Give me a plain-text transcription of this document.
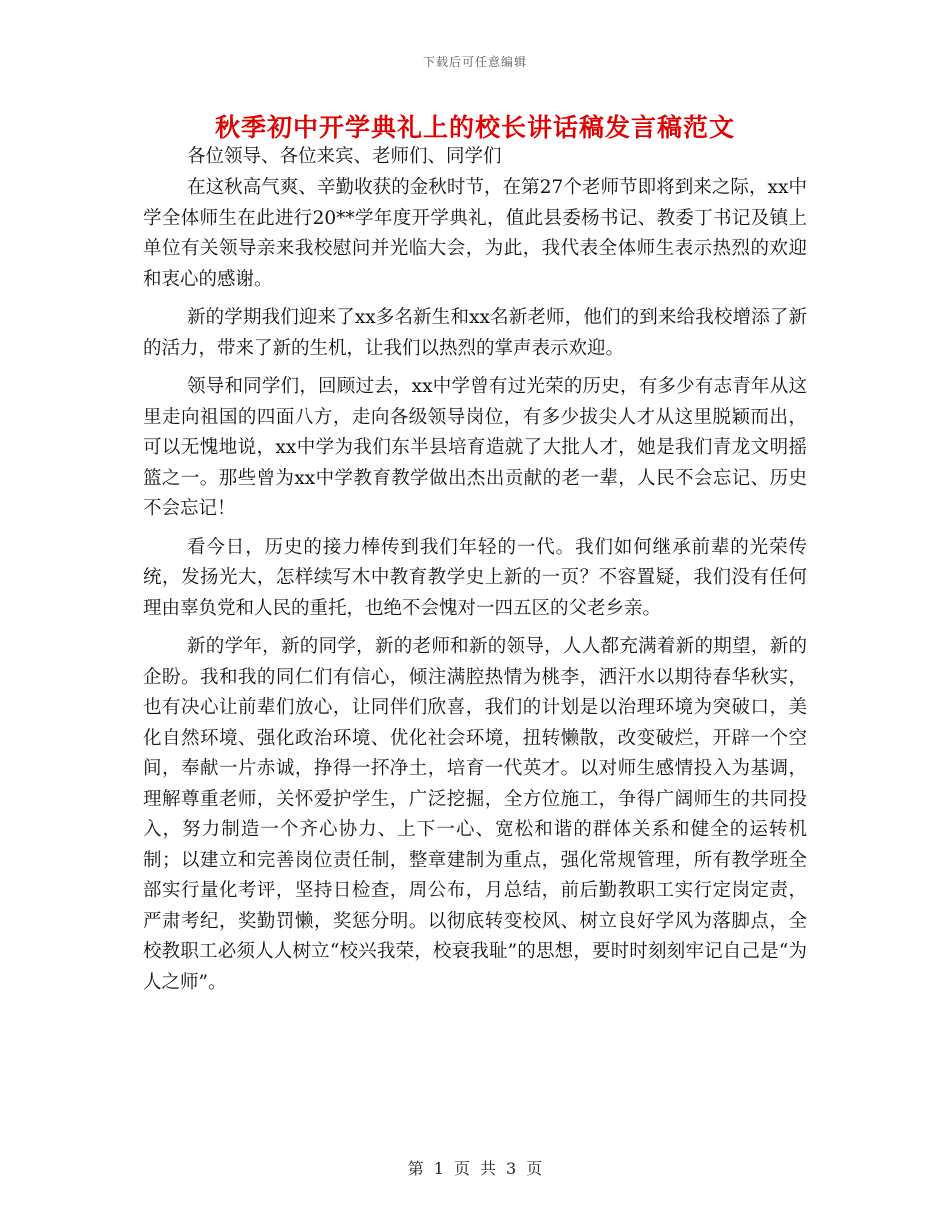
下载后可任意编辑
秋季初中开学典礼上的校长讲话稿发言稿范文

各位领导、各位来宾、老师们、同学们

在这秋高气爽、辛勤收获的金秋时节，在第27个老师节即将到来之际，xx中学全体师生在此进行20**学年度开学典礼，值此县委杨书记、教委丁书记及镇上单位有关领导亲来我校慰问并光临大会，为此，我代表全体师生表示热烈的欢迎和衷心的感谢。

新的学期我们迎来了xx多名新生和xx名新老师，他们的到来给我校增添了新的活力，带来了新的生机，让我们以热烈的掌声表示欢迎。

领导和同学们，回顾过去，xx中学曾有过光荣的历史，有多少有志青年从这里走向祖国的四面八方，走向各级领导岗位，有多少拔尖人才从这里脱颖而出，可以无愧地说，xx中学为我们东半县培育造就了大批人才，她是我们青龙文明摇篮之一。那些曾为xx中学教育教学做出杰出贡献的老一辈，人民不会忘记、历史不会忘记！

看今日，历史的接力棒传到我们年轻的一代。我们如何继承前辈的光荣传统，发扬光大，怎样续写木中教育教学史上新的一页？不容置疑，我们没有任何理由辜负党和人民的重托，也绝不会愧对一四五区的父老乡亲。

新的学年，新的同学，新的老师和新的领导，人人都充满着新的期望，新的企盼。我和我的同仁们有信心，倾注满腔热情为桃李，洒汗水以期待春华秋实，也有决心让前辈们放心，让同伴们欣喜，我们的计划是以治理环境为突破口，美化自然环境、强化政治环境、优化社会环境，扭转懒散，改变破烂，开辟一个空间，奉献一片赤诚，挣得一抔净土，培育一代英才。以对师生感情投入为基调，理解尊重老师，关怀爱护学生，广泛挖掘，全方位施工，争得广阔师生的共同投入，努力制造一个齐心协力、上下一心、宽松和谐的群体关系和健全的运转机制；以建立和完善岗位责任制，整章建制为重点，强化常规管理，所有教学班全部实行量化考评，坚持日检查，周公布，月总结，前后勤教职工实行定岗定责，严肃考纪，奖勤罚懒，奖惩分明。以彻底转变校风、树立良好学风为落脚点，全校教职工必须人人树立“校兴我荣，校衰我耻”的思想，要时时刻刻牢记自己是“为人之师”。

第 1 页 共 3 页
